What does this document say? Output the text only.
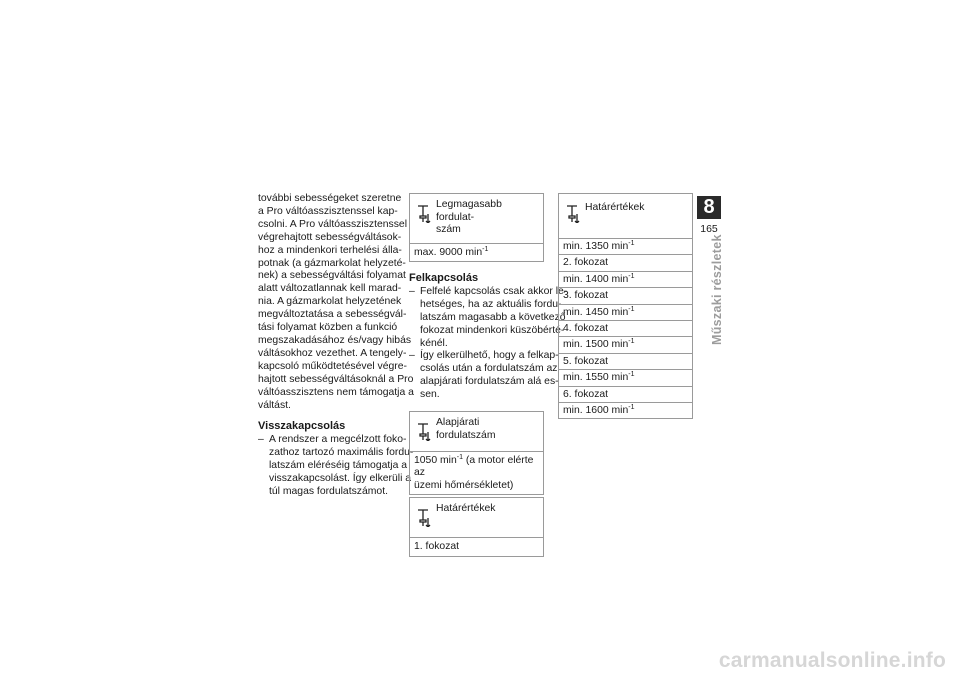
további sebességeket szeretne

a Pro váltóasszisztenssel kap-

csolni. A Pro váltóasszisztenssel

végrehajtott sebességváltások-

hoz a mindenkori terhelési álla-

potnak (a gázmarkolat helyzeté-

nek) a sebességváltási folyamat

alatt változatlannak kell marad-

nia. A gázmarkolat helyzetének

megváltoztatása a sebességvál-

tási folyamat közben a funkció

megszakadásához és/vagy hibás

váltásokhoz vezethet. A tengely-

kapcsoló működtetésével végre-

hajtott sebességváltásoknál a Pro

váltóasszisztens nem támogatja a

váltást.

Visszakapcsolás
– A rendszer a megcélzott foko-

zathoz tartozó maximális fordu-

latszám eléréséig támogatja a

visszakapcsolást. Így elkerüli a

túl magas fordulatszámot.

Legmagasabb fordulat-
szám
max. 9000 $\min^{-1}$
Felkapcsolás
– Felfelé kapcsolás csak akkor le-

hetséges, ha az aktuális fordu-

latszám magasabb a következő

fokozat mindenkori küszöbérté-

kénél.

– Így elkerülhető, hogy a felkap-

csolás után a fordulatszám az

alapjárati fordulatszám alá es-

sen.

Alapjárati fordulatszám
1050 $\min^{-1} (a$ motor elérte az
üzemi hőmérsékletet)
Határértékek
1. fokozat
Határértékek
min. 1350 $\min^{-1}$
2. fokozat
min. 1400 $\min^{-1}$
3. fokozat
min. 1450 $\min^{-1}$
4. fokozat
min. 1500 $\min^{-1}$
5. fokozat
min. 1550 $\min^{-1}$
6. fokozat
min. 1600 $\min^{-1}$
8
165
Műszaki részletek
carmanualsonline.info
